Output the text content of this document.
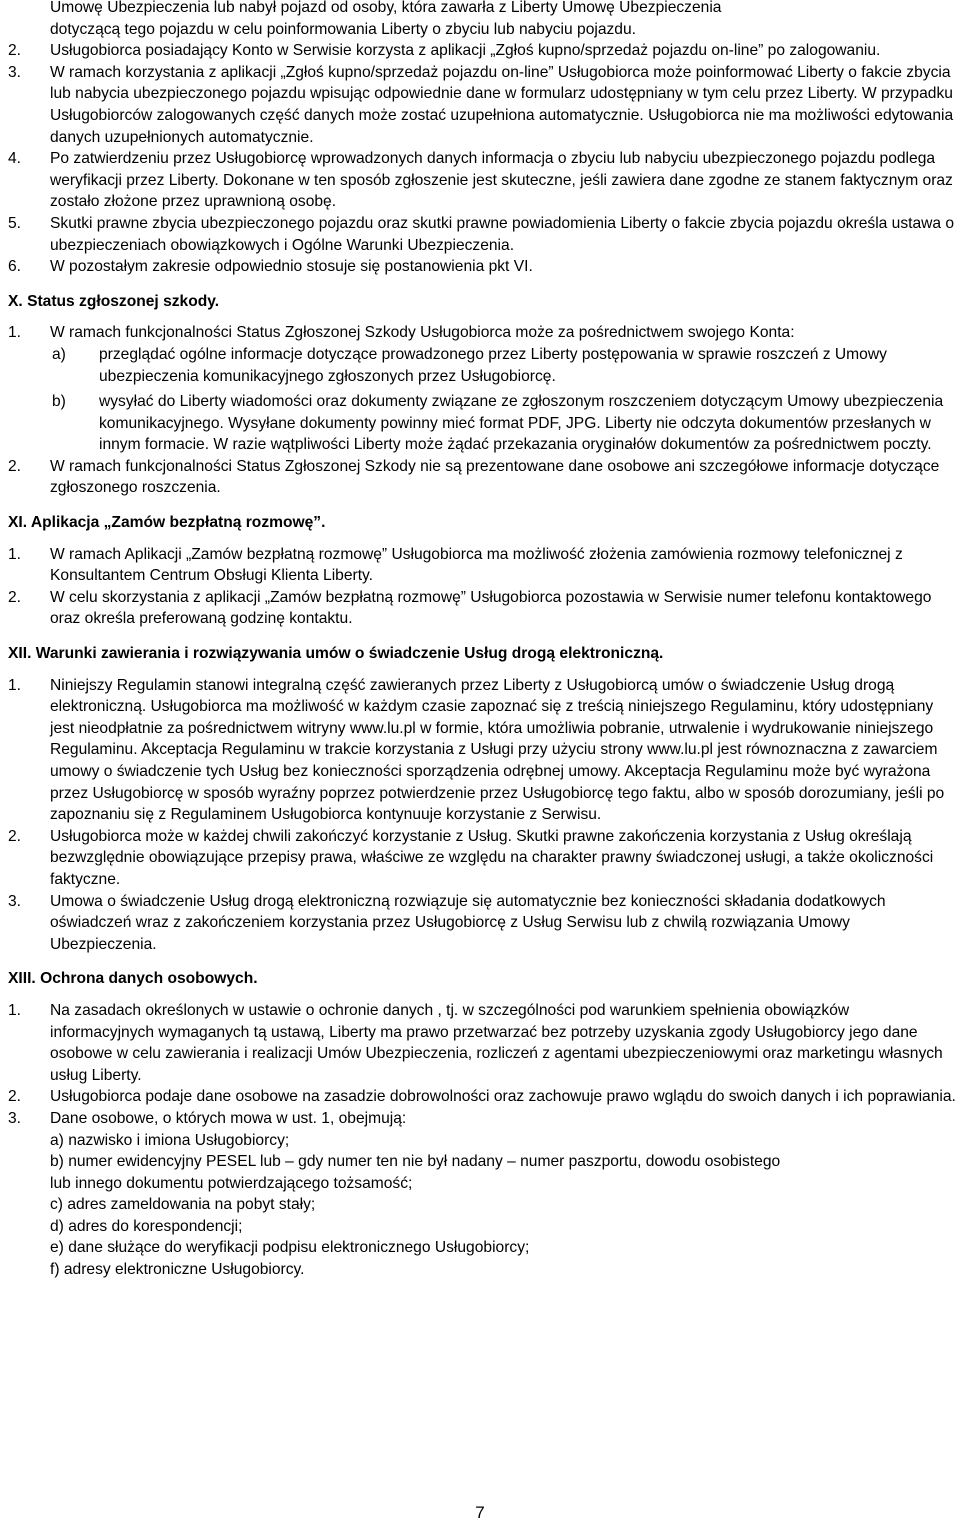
Umowę Ubezpieczenia lub nabył pojazd od osoby, która zawarła z Liberty Umowę Ubezpieczenia
dotyczącą tego pojazdu w celu poinformowania Liberty o zbyciu lub nabyciu pojazdu.
2. Usługobiorca posiadający Konto w Serwisie korzysta z aplikacji „Zgłoś kupno/sprzedaż pojazdu on-line” po zalogowaniu.
3. W ramach korzystania z aplikacji „Zgłoś kupno/sprzedaż pojazdu on-line” Usługobiorca może poinformować Liberty o fakcie zbycia lub nabycia ubezpieczonego pojazdu wpisując odpowiednie dane w formularz udostępniany w tym celu przez Liberty. W przypadku Usługobiorców zalogowanych część danych może zostać uzupełniona automatycznie. Usługobiorca nie ma możliwości edytowania danych uzupełnionych automatycznie.
4. Po zatwierdzeniu przez Usługobiorcę wprowadzonych danych informacja o zbyciu lub nabyciu ubezpieczonego pojazdu podlega weryfikacji przez Liberty. Dokonane w ten sposób zgłoszenie jest skuteczne, jeśli zawiera dane zgodne ze stanem faktycznym oraz zostało złożone przez uprawnioną osobę.
5. Skutki prawne zbycia ubezpieczonego pojazdu oraz skutki prawne powiadomienia Liberty o fakcie zbycia pojazdu określa ustawa o ubezpieczeniach obowiązkowych i Ogólne Warunki Ubezpieczenia.
6. W pozostałym zakresie odpowiednio stosuje się postanowienia pkt VI.
X. Status zgłoszonej szkody.
1. W ramach funkcjonalności Status Zgłoszonej Szkody Usługobiorca może za pośrednictwem swojego Konta:
a) przeglądać ogólne informacje dotyczące prowadzonego przez Liberty postępowania w sprawie roszczeń z Umowy ubezpieczenia komunikacyjnego zgłoszonych przez Usługobiorcę.
b) wysyłać do Liberty wiadomości oraz dokumenty związane ze zgłoszonym roszczeniem dotyczącym Umowy ubezpieczenia komunikacyjnego. Wysyłane dokumenty powinny mieć format PDF, JPG. Liberty nie odczyta dokumentów przesłanych w innym formacie. W razie wątpliwości Liberty może żądać przekazania oryginałów dokumentów za pośrednictwem poczty.
2. W ramach funkcjonalności Status Zgłoszonej Szkody nie są prezentowane dane osobowe ani szczegółowe informacje dotyczące zgłoszonego roszczenia.
XI. Aplikacja „Zamów bezpłatną rozmowę”.
1. W ramach Aplikacji „Zamów bezpłatną rozmowę” Usługobiorca ma możliwość złożenia zamówienia rozmowy telefonicznej z Konsultantem Centrum Obsługi Klienta Liberty.
2. W celu skorzystania z aplikacji „Zamów bezpłatną rozmowę” Usługobiorca pozostawia w Serwisie numer telefonu kontaktowego oraz określa preferowaną godzinę kontaktu.
XII. Warunki zawierania i rozwiązywania umów o świadczenie Usług drogą elektroniczną.
1. Niniejszy Regulamin stanowi integralną część zawieranych przez Liberty z Usługobiorcą umów o świadczenie Usług drogą elektroniczną. Usługobiorca ma możliwość w każdym czasie zapoznać się z treścią niniejszego Regulaminu, który udostępniany jest nieodpłatnie za pośrednictwem witryny www.lu.pl w formie, która umożliwia pobranie, utrwalenie i wydrukowanie niniejszego Regulaminu. Akceptacja Regulaminu w trakcie korzystania z Usługi przy użyciu strony www.lu.pl jest równoznaczna z zawarciem umowy o świadczenie tych Usług bez konieczności sporządzenia odrębnej umowy. Akceptacja Regulaminu może być wyrażona przez Usługobiorcę w sposób wyraźny poprzez potwierdzenie przez Usługobiorcę tego faktu, albo w sposób dorozumiany, jeśli po zapoznaniu się z Regulaminem Usługobiorca kontynuuje korzystanie z Serwisu.
2. Usługobiorca może w każdej chwili zakończyć korzystanie z Usług. Skutki prawne zakończenia korzystania z Usług określają bezwzględnie obowiązujące przepisy prawa, właściwe ze względu na charakter prawny świadczonej usługi, a także okoliczności faktyczne.
3. Umowa o świadczenie Usług drogą elektroniczną rozwiązuje się automatycznie bez konieczności składania dodatkowych oświadczeń wraz z zakończeniem korzystania przez Usługobiorcę z Usług Serwisu lub z chwilą rozwiązania Umowy Ubezpieczenia.
XIII. Ochrona danych osobowych.
1. Na zasadach określonych w ustawie o ochronie danych , tj. w szczególności pod warunkiem spełnienia obowiązków informacyjnych wymaganych tą ustawą, Liberty ma prawo przetwarzać bez potrzeby uzyskania zgody Usługobiorcy jego dane osobowe w celu zawierania i realizacji Umów Ubezpieczenia, rozliczeń z agentami ubezpieczeniowymi oraz marketingu własnych usług Liberty.
2. Usługobiorca podaje dane osobowe na zasadzie dobrowolności oraz zachowuje prawo wglądu do swoich danych i ich poprawiania.
3. Dane osobowe, o których mowa w ust. 1, obejmują:
a) nazwisko i imiona Usługobiorcy;
b) numer ewidencyjny PESEL lub – gdy numer ten nie był nadany – numer paszportu, dowodu osobistego
lub innego dokumentu potwierdzającego tożsamość;
c) adres zameldowania na pobyt stały;
d) adres do korespondencji;
e) dane służące do weryfikacji podpisu elektronicznego Usługobiorcy;
f) adresy elektroniczne Usługobiorcy.
7
